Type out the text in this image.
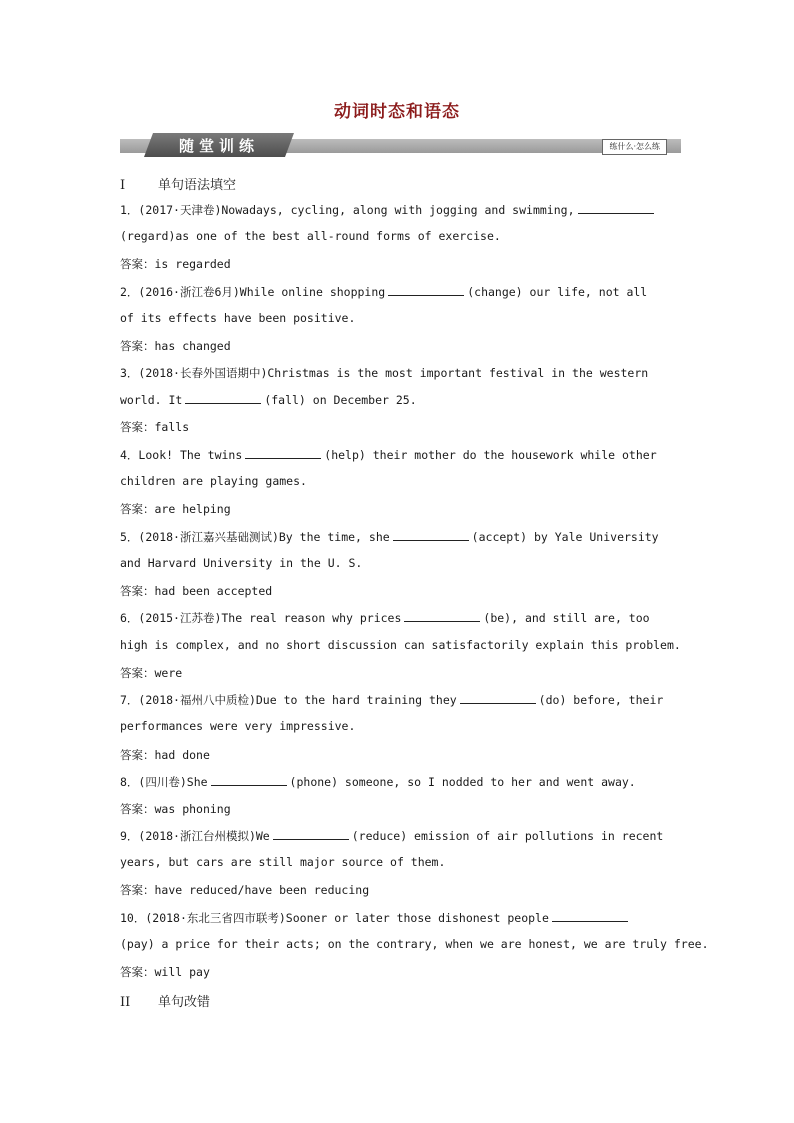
动词时态和语态
随堂训练	练什么·怎么练
I	单句语法填空
1．(2017·天津卷)Nowadays, cycling, along with jogging and swimming,
(regard)as one of the best all-round forms of exercise.
答案：is regarded
2．(2016·浙江卷6月)While online shopping	(change) our life, not all
of its effects have been positive.
答案：has changed
3．(2018·长春外国语期中)Christmas is the most important festival in the western
world. It	(fall) on December 25.
答案：falls
4．Look! The twins	(help) their mother do the housework while other
children are playing games.
答案：are helping
5．(2018·浙江嘉兴基础测试)By the time, she	(accept) by Yale University
and Harvard University in the U. S.
答案：had been accepted
6．(2015·江苏卷)The real reason why prices	(be), and still are, too
high is complex, and no short discussion can satisfactorily explain this problem.
答案：were
7．(2018·福州八中质检)Due to the hard training they	(do) before, their
performances were very impressive.
答案：had done
8．(四川卷)She	(phone) someone, so I nodded to her and went away.
答案：was phoning
9．(2018·浙江台州模拟)We	(reduce) emission of air pollutions in recent
years, but cars are still major source of them.
答案：have reduced/have been reducing
10．(2018·东北三省四市联考)Sooner or later those dishonest people
(pay) a price for their acts; on the contrary, when we are honest, we are truly free.
答案：will pay
II 单句改错
